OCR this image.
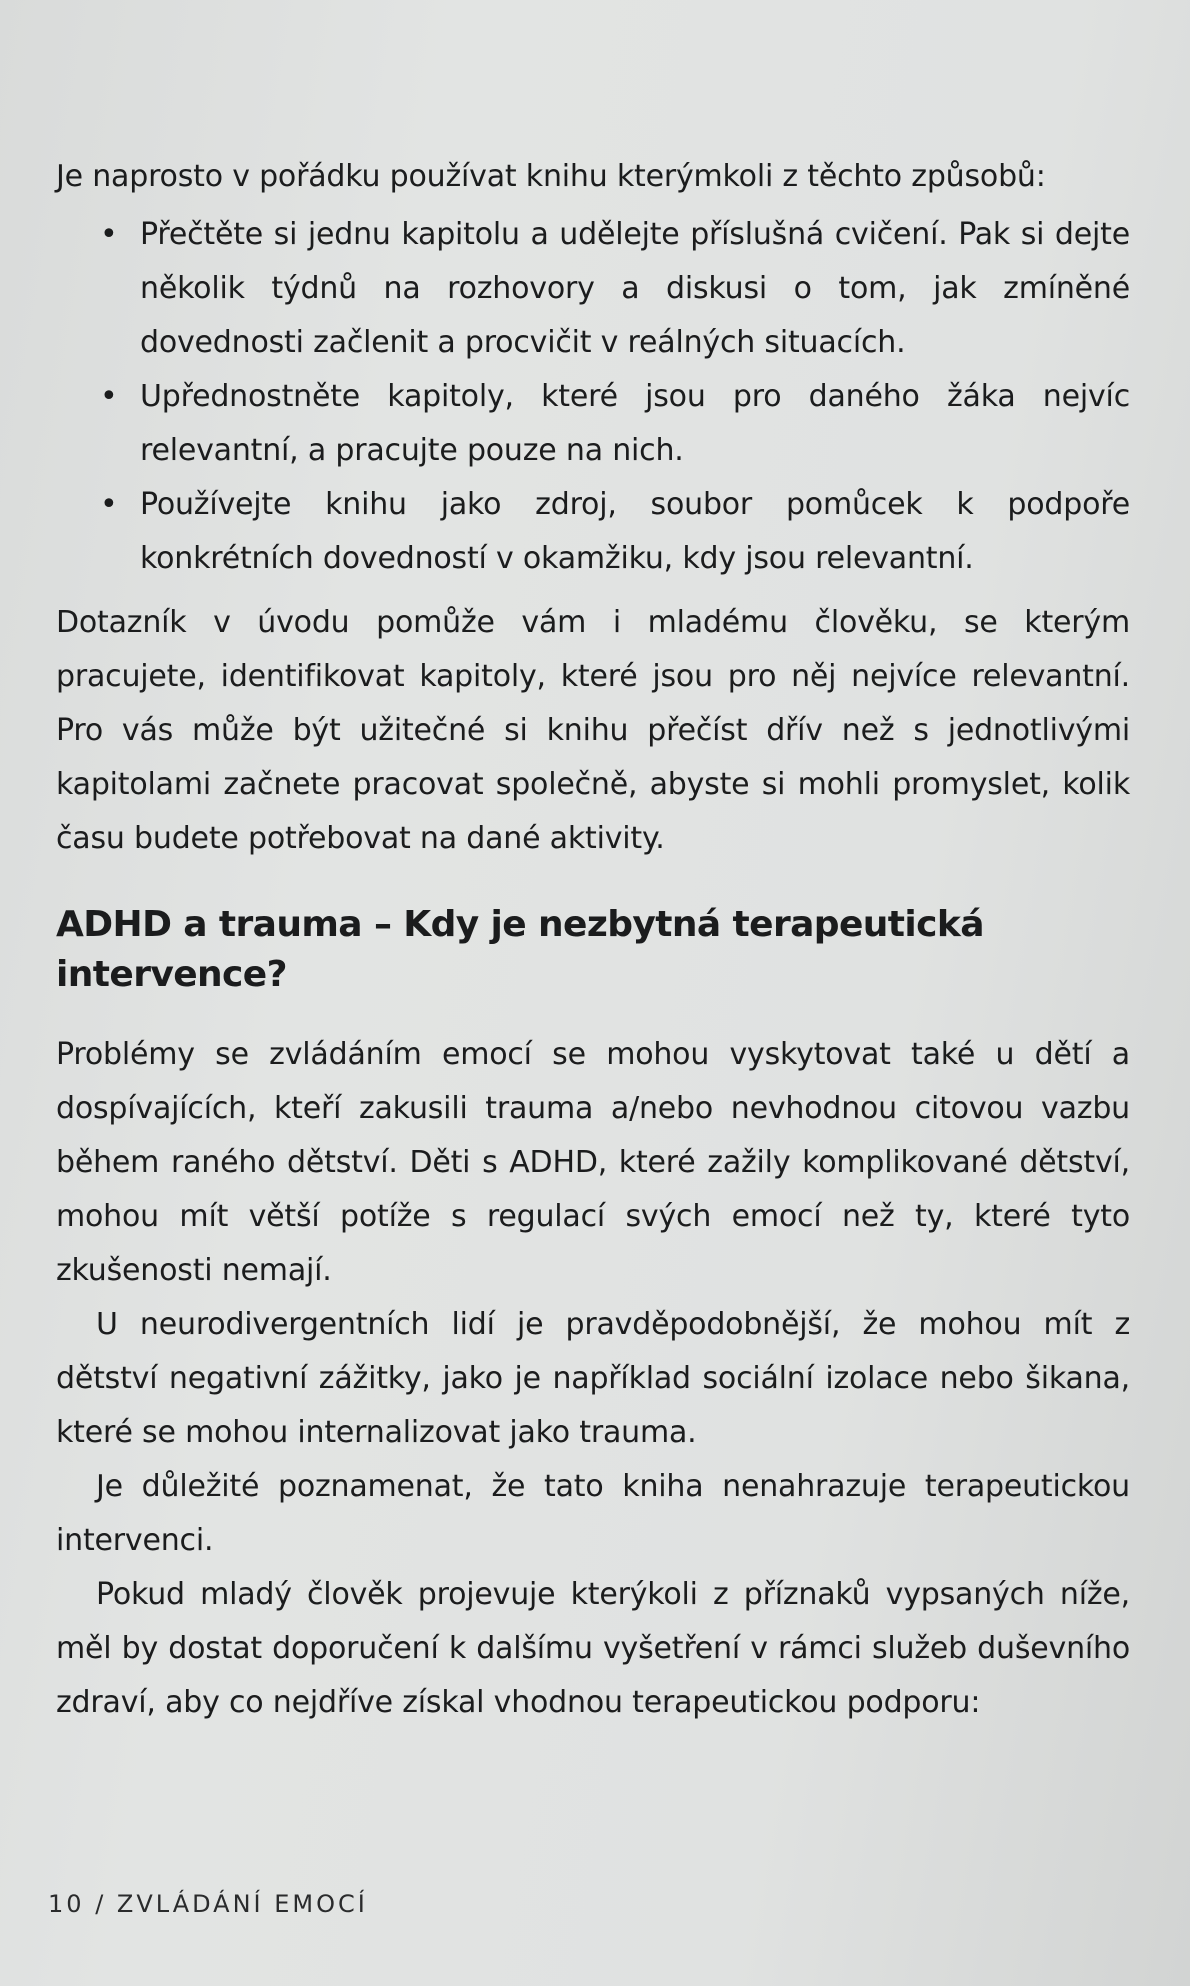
Je naprosto v pořádku používat knihu kterýmkoli z těchto způsobů:

• Přečtěte si jednu kapitolu a udělejte příslušná cvičení. Pak si dejte několik týdnů na rozhovory a diskusi o tom, jak zmíněné dovednosti začlenit a procvičit v reálných situacích.
• Upřednostněte kapitoly, které jsou pro daného žáka nejvíc relevantní, a pracujte pouze na nich.
• Používejte knihu jako zdroj, soubor pomůcek k podpoře konkrétních dovedností v okamžiku, kdy jsou relevantní.

Dotazník v úvodu pomůže vám i mladému člověku, se kterým pracujete, identifikovat kapitoly, které jsou pro něj nejvíce relevantní. Pro vás může být užitečné si knihu přečíst dřív než s jednotlivými kapitolami začnete pracovat společně, abyste si mohli promyslet, kolik času budete potřebovat na dané aktivity.

ADHD a trauma – Kdy je nezbytná terapeutická intervence?

Problémy se zvládáním emocí se mohou vyskytovat také u dětí a dospívajících, kteří zakusili trauma a/nebo nevhodnou citovou vazbu během raného dětství. Děti s ADHD, které zažily komplikované dětství, mohou mít větší potíže s regulací svých emocí než ty, které tyto zkušenosti nemají.

U neurodivergentních lidí je pravděpodobnější, že mohou mít z dětství negativní zážitky, jako je například sociální izolace nebo šikana, které se mohou internalizovat jako trauma.

Je důležité poznamenat, že tato kniha nenahrazuje terapeutickou intervenci.

Pokud mladý člověk projevuje kterýkoli z příznaků vypsaných níže, měl by dostat doporučení k dalšímu vyšetření v rámci služeb duševního zdraví, aby co nejdříve získal vhodnou terapeutickou podporu:

10 / ZVLÁDÁNÍ EMOCÍ
